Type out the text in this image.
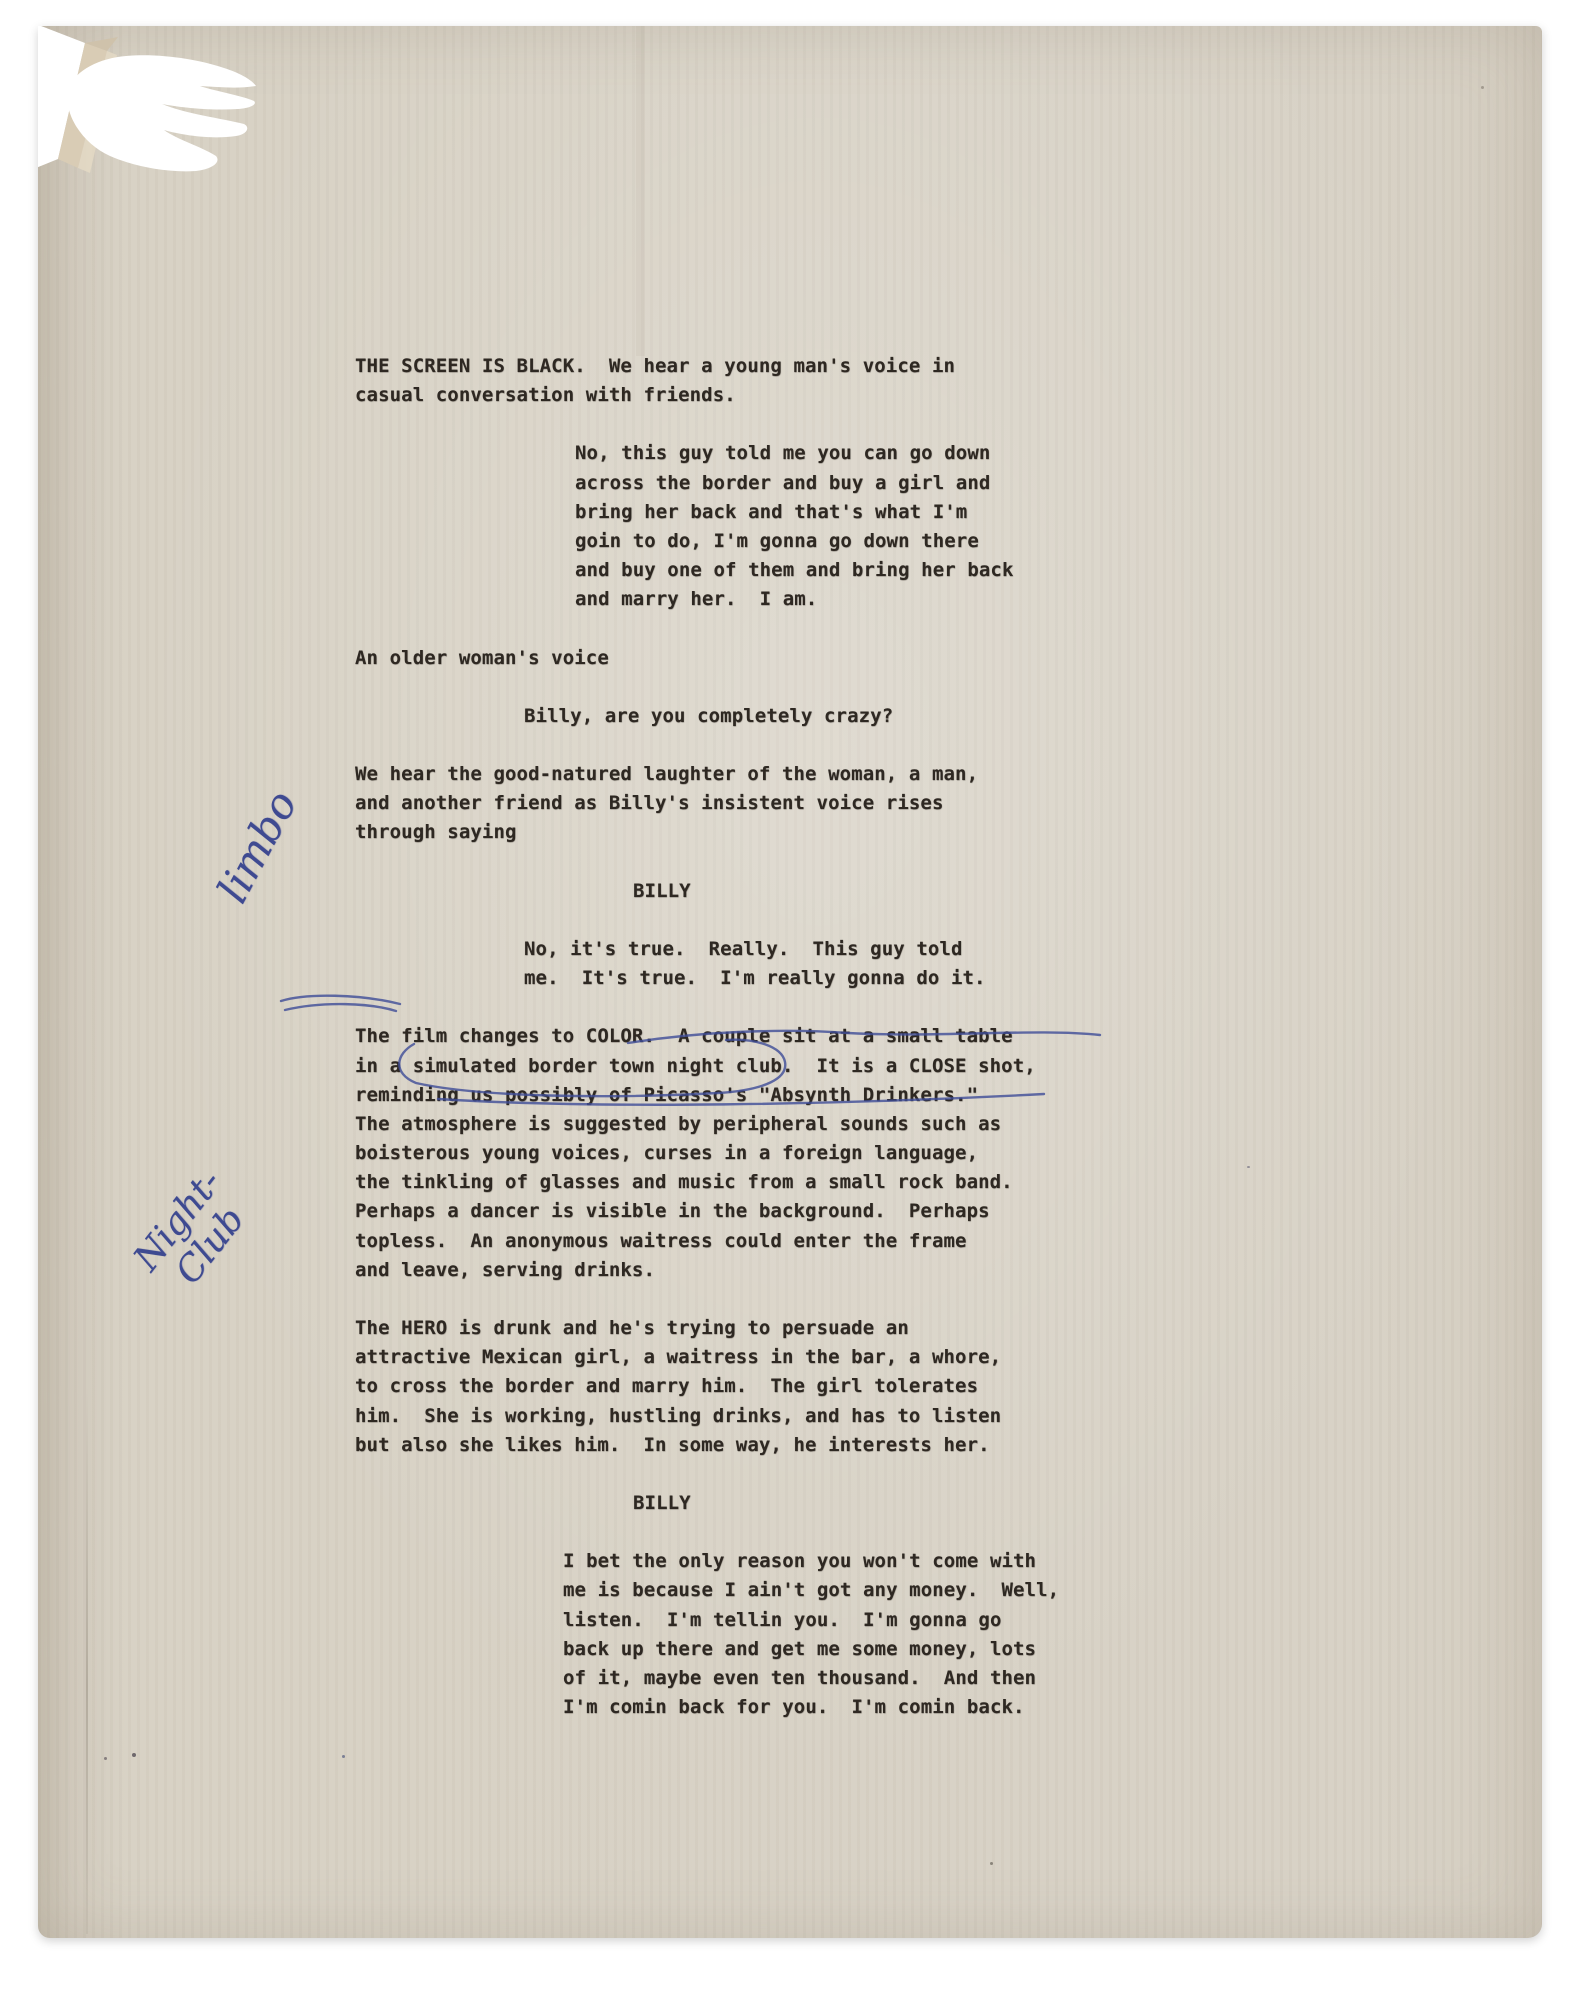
THE SCREEN IS BLACK.  We hear a young man's voice in
casual conversation with friends.
No, this guy told me you can go down
across the border and buy a girl and
bring her back and that's what I'm
goin to do, I'm gonna go down there
and buy one of them and bring her back
and marry her.  I am.
An older woman's voice
Billy, are you completely crazy?
We hear the good-natured laughter of the woman, a man,
and another friend as Billy's insistent voice rises
through saying
BILLY
No, it's true.  Really.  This guy told
me.  It's true.  I'm really gonna do it.
The film changes to COLOR.  A couple sit at a small table
in a simulated border town night club.  It is a CLOSE shot,
reminding us possibly of Picasso's "Absynth Drinkers."
The atmosphere is suggested by peripheral sounds such as
boisterous young voices, curses in a foreign language,
the tinkling of glasses and music from a small rock band.
Perhaps a dancer is visible in the background.  Perhaps
topless.  An anonymous waitress could enter the frame
and leave, serving drinks.
The HERO is drunk and he's trying to persuade an
attractive Mexican girl, a waitress in the bar, a whore,
to cross the border and marry him.  The girl tolerates
him.  She is working, hustling drinks, and has to listen
but also she likes him.  In some way, he interests her.
BILLY
I bet the only reason you won't come with
me is because I ain't got any money.  Well,
listen.  I'm tellin you.  I'm gonna go
back up there and get me some money, lots
of it, maybe even ten thousand.  And then
I'm comin back for you.  I'm comin back.
limbo
Night-Club
